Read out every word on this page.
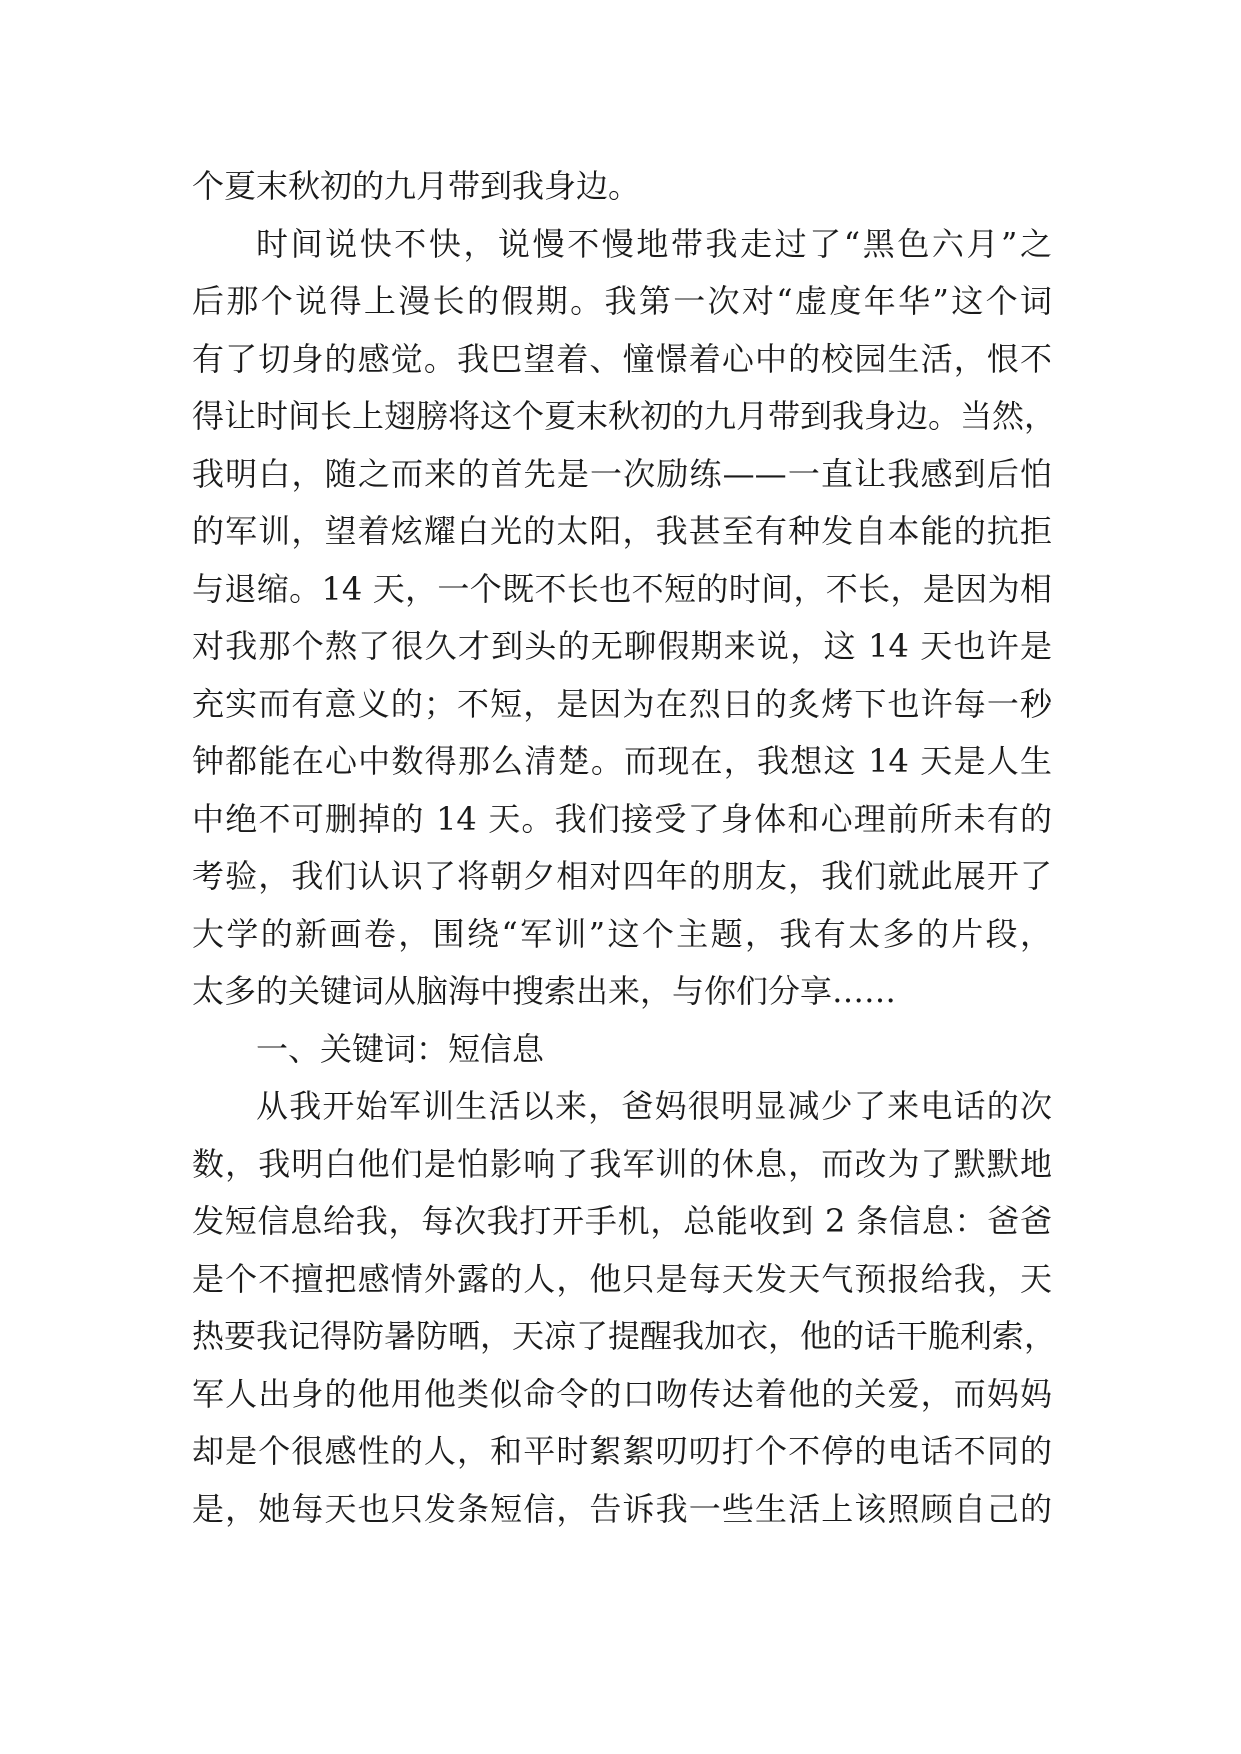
个夏末秋初的九月带到我身边。
时间说快不快，说慢不慢地带我走过了“黑色六月”之
后那个说得上漫长的假期。我第一次对“虚度年华”这个词
有了切身的感觉。我巴望着、憧憬着心中的校园生活，恨不
得让时间长上翅膀将这个夏末秋初的九月带到我身边。当然，
我明白，随之而来的首先是一次励练——一直让我感到后怕
的军训，望着炫耀白光的太阳，我甚至有种发自本能的抗拒
与退缩。14 天，一个既不长也不短的时间，不长，是因为相
对我那个熬了很久才到头的无聊假期来说，这 14 天也许是
充实而有意义的；不短，是因为在烈日的炙烤下也许每一秒
钟都能在心中数得那么清楚。而现在，我想这 14 天是人生
中绝不可删掉的 14 天。我们接受了身体和心理前所未有的
考验，我们认识了将朝夕相对四年的朋友，我们就此展开了
大学的新画卷，围绕“军训”这个主题，我有太多的片段，
太多的关键词从脑海中搜索出来，与你们分享……
一、关键词：短信息
从我开始军训生活以来，爸妈很明显减少了来电话的次
数，我明白他们是怕影响了我军训的休息，而改为了默默地
发短信息给我，每次我打开手机，总能收到 2 条信息：爸爸
是个不擅把感情外露的人，他只是每天发天气预报给我，天
热要我记得防暑防晒，天凉了提醒我加衣，他的话干脆利索，
军人出身的他用他类似命令的口吻传达着他的关爱，而妈妈
却是个很感性的人，和平时絮絮叨叨打个不停的电话不同的
是，她每天也只发条短信，告诉我一些生活上该照顾自己的
